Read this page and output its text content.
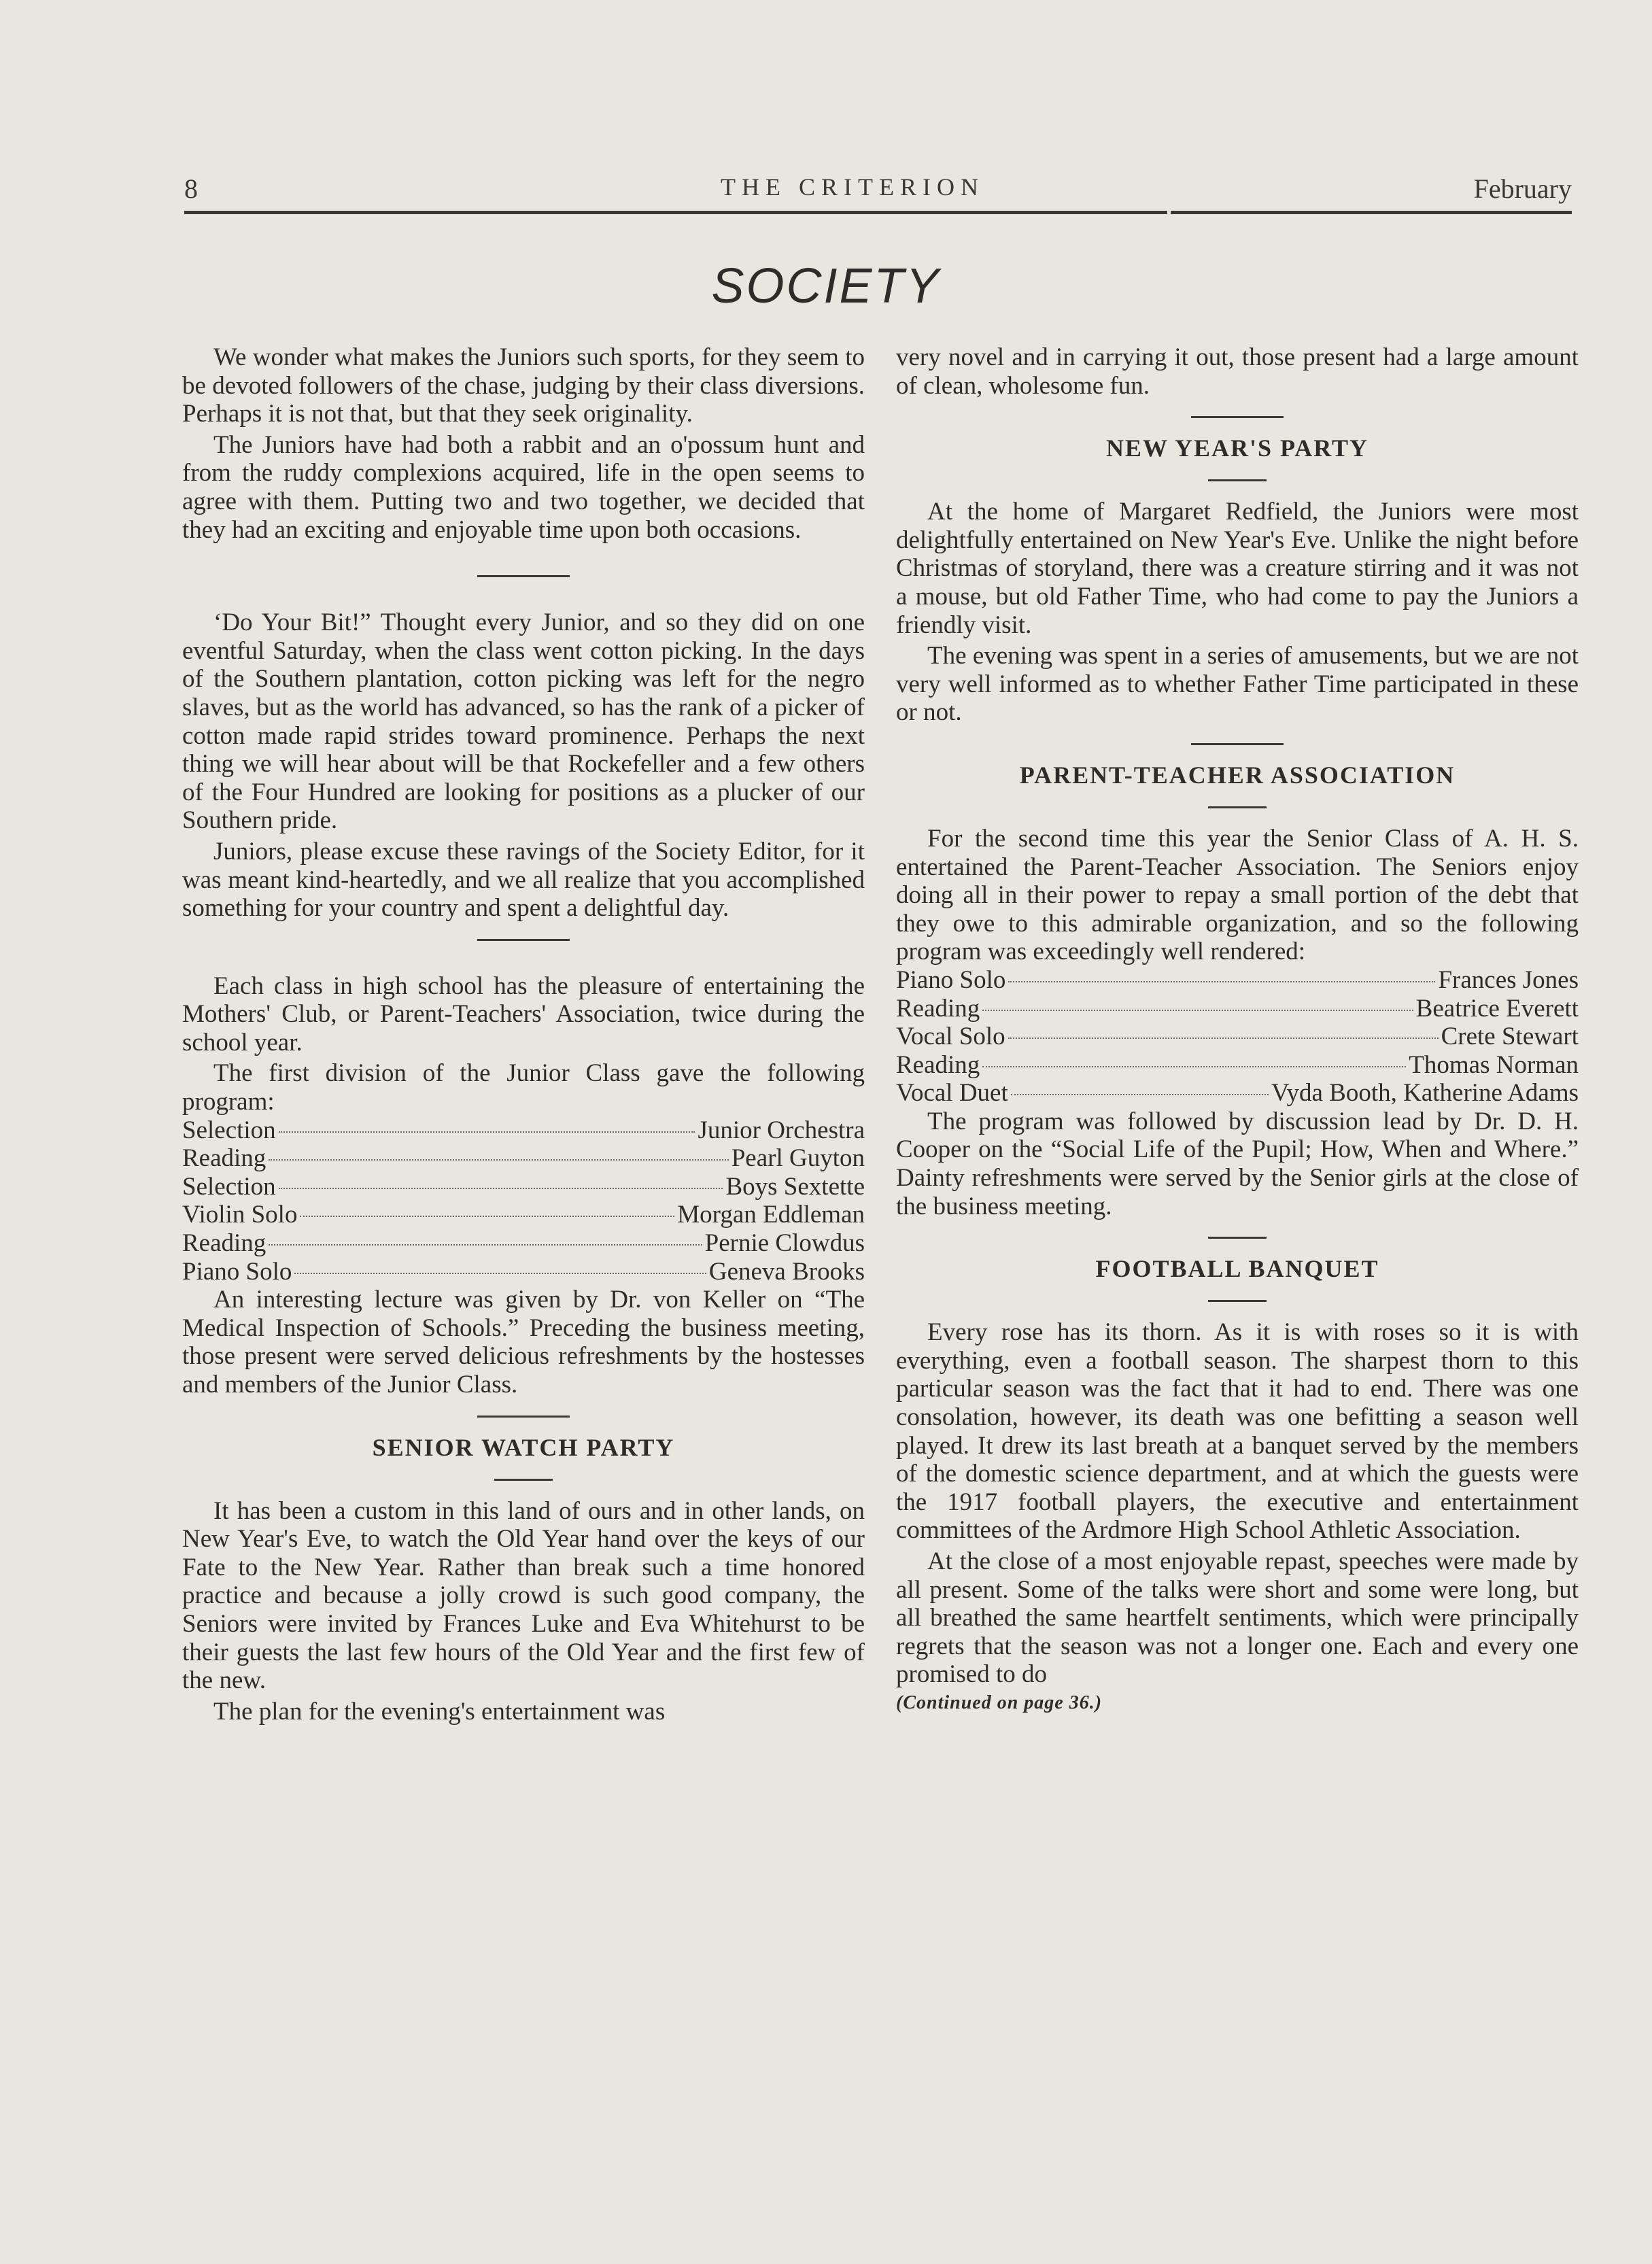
8	THE CRITERION	February
SOCIETY

We wonder what makes the Juniors such sports, for they seem to be devoted followers of the chase, judging by their class diversions. Perhaps it is not that, but that they seek originality.

The Juniors have had both a rabbit and an o'possum hunt and from the ruddy complexions acquired, life in the open seems to agree with them. Putting two and two together, we decided that they had an exciting and enjoyable time upon both occasions.

‘Do Your Bit!” Thought every Junior, and so they did on one eventful Saturday, when the class went cotton picking. In the days of the Southern plantation, cotton picking was left for the negro slaves, but as the world has advanced, so has the rank of a picker of cotton made rapid strides toward prominence. Perhaps the next thing we will hear about will be that Rockefeller and a few others of the Four Hundred are looking for positions as a plucker of our Southern pride.

Juniors, please excuse these ravings of the Society Editor, for it was meant kind-heartedly, and we all realize that you accomplished something for your country and spent a delightful day.

Each class in high school has the pleasure of entertaining the Mothers' Club, or Parent-Teachers' Association, twice during the school year.

The first division of the Junior Class gave the following program:

Selection	Junior Orchestra
Reading	Pearl Guyton
Selection	Boys Sextette
Violin Solo	Morgan Eddleman
Reading	Pernie Clowdus
Piano Solo	Geneva Brooks

An interesting lecture was given by Dr. von Keller on “The Medical Inspection of Schools.” Preceding the business meeting, those present were served delicious refreshments by the hostesses and members of the Junior Class.

SENIOR WATCH PARTY

It has been a custom in this land of ours and in other lands, on New Year's Eve, to watch the Old Year hand over the keys of our Fate to the New Year. Rather than break such a time honored practice and because a jolly crowd is such good company, the Seniors were invited by Frances Luke and Eva Whitehurst to be their guests the last few hours of the Old Year and the first few of the new.

The plan for the evening's entertainment was

very novel and in carrying it out, those present had a large amount of clean, wholesome fun.

NEW YEAR'S PARTY

At the home of Margaret Redfield, the Juniors were most delightfully entertained on New Year's Eve. Unlike the night before Christmas of storyland, there was a creature stirring and it was not a mouse, but old Father Time, who had come to pay the Juniors a friendly visit.

The evening was spent in a series of amusements, but we are not very well informed as to whether Father Time participated in these or not.

PARENT-TEACHER ASSOCIATION

For the second time this year the Senior Class of A. H. S. entertained the Parent-Teacher Association. The Seniors enjoy doing all in their power to repay a small portion of the debt that they owe to this admirable organization, and so the following program was exceedingly well rendered:

Piano Solo	Frances Jones
Reading	Beatrice Everett
Vocal Solo	Crete Stewart
Reading	Thomas Norman
Vocal Duet	Vyda Booth, Katherine Adams

The program was followed by discussion lead by Dr. D. H. Cooper on the “Social Life of the Pupil; How, When and Where.” Dainty refreshments were served by the Senior girls at the close of the business meeting.

FOOTBALL BANQUET

Every rose has its thorn. As it is with roses so it is with everything, even a football season. The sharpest thorn to this particular season was the fact that it had to end. There was one consolation, however, its death was one befitting a season well played. It drew its last breath at a banquet served by the members of the domestic science department, and at which the guests were the 1917 football players, the executive and entertainment committees of the Ardmore High School Athletic Association.

At the close of a most enjoyable repast, speeches were made by all present. Some of the talks were short and some were long, but all breathed the same heartfelt sentiments, which were principally regrets that the season was not a longer one. Each and every one promised to do

(Continued on page 36.)
